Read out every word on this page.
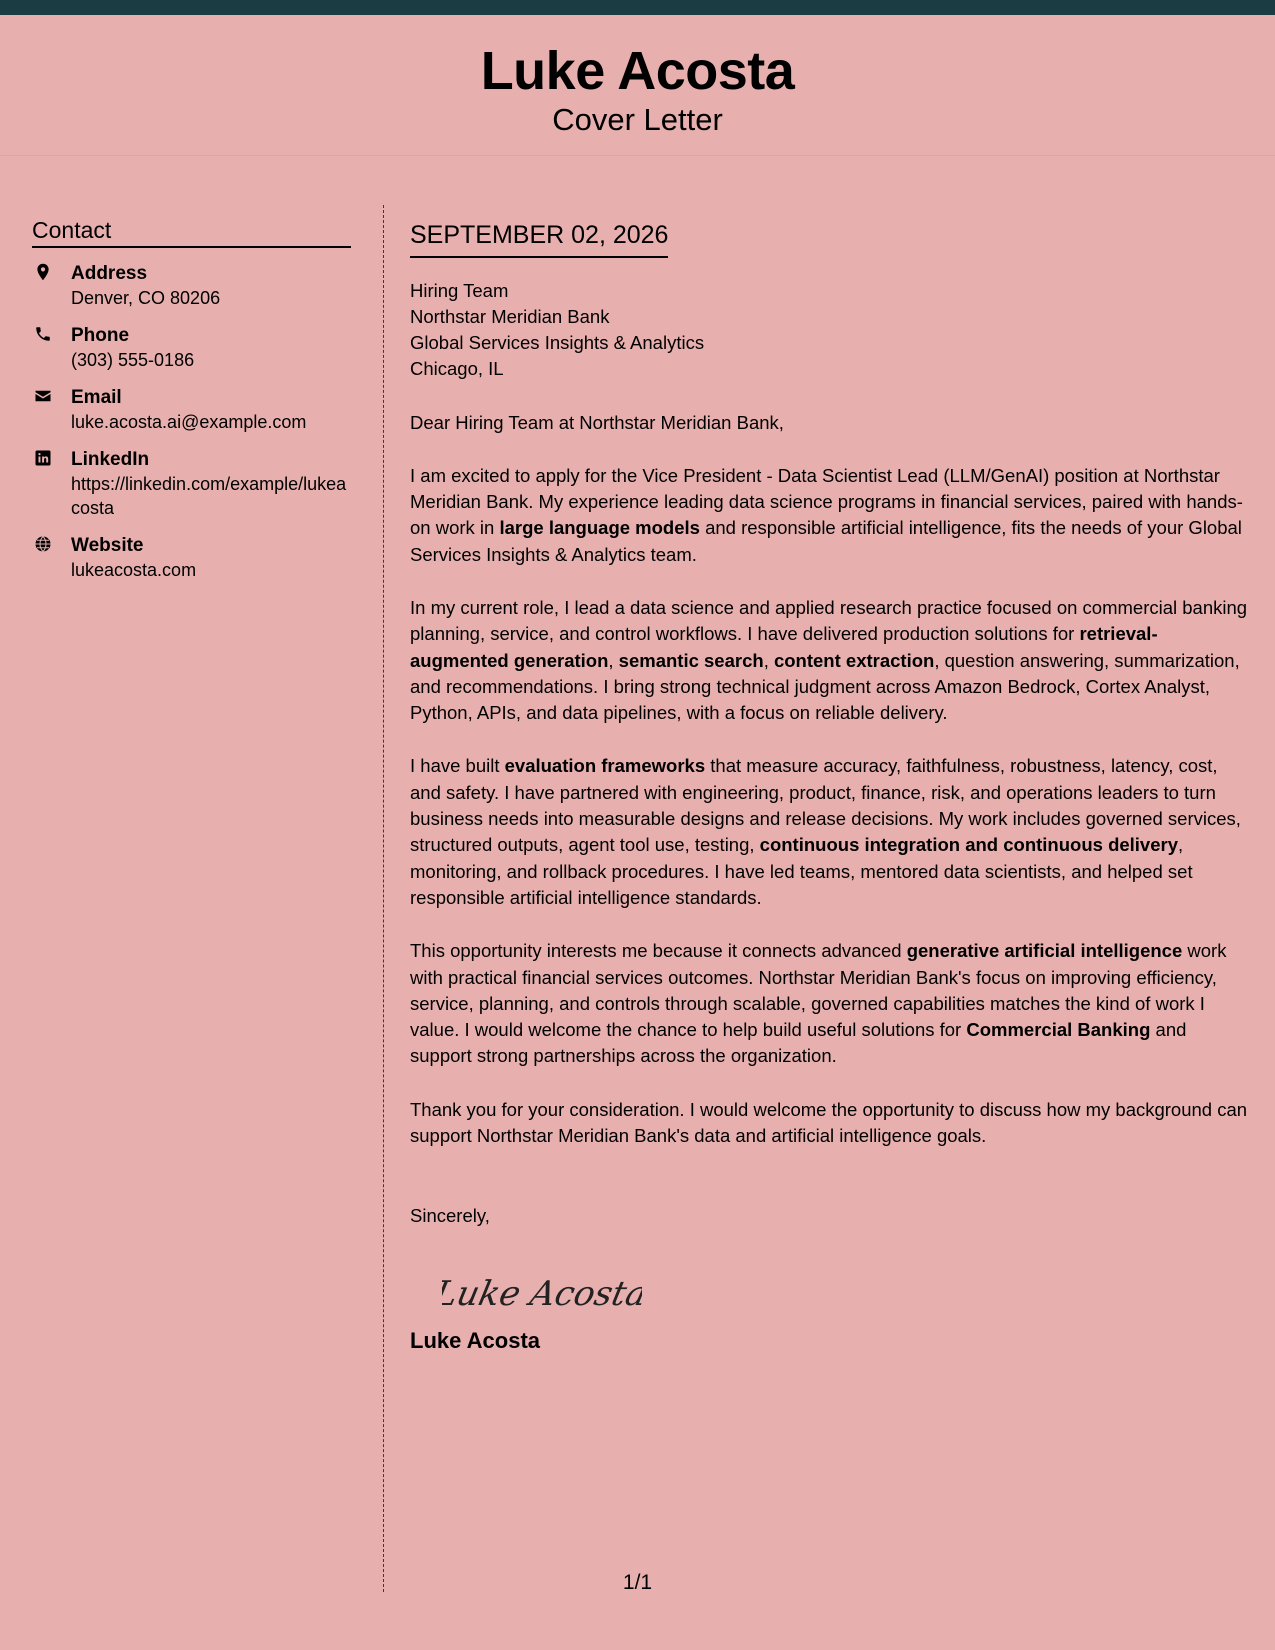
Luke Acosta
Cover Letter
Contact
Address
Denver, CO 80206
Phone
(303) 555-0186
Email
luke.acosta.ai@example.com
LinkedIn
https://linkedin.com/example/lukeacosta
Website
lukeacosta.com
SEPTEMBER 02, 2026
Hiring Team
Northstar Meridian Bank
Global Services Insights & Analytics
Chicago, IL
Dear Hiring Team at Northstar Meridian Bank,
I am excited to apply for the Vice President - Data Scientist Lead (LLM/GenAI) position at Northstar Meridian Bank. My experience leading data science programs in financial services, paired with hands-on work in large language models and responsible artificial intelligence, fits the needs of your Global Services Insights & Analytics team.
In my current role, I lead a data science and applied research practice focused on commercial banking planning, service, and control workflows. I have delivered production solutions for retrieval-augmented generation, semantic search, content extraction, question answering, summarization, and recommendations. I bring strong technical judgment across Amazon Bedrock, Cortex Analyst, Python, APIs, and data pipelines, with a focus on reliable delivery.
I have built evaluation frameworks that measure accuracy, faithfulness, robustness, latency, cost, and safety. I have partnered with engineering, product, finance, risk, and operations leaders to turn business needs into measurable designs and release decisions. My work includes governed services, structured outputs, agent tool use, testing, continuous integration and continuous delivery, monitoring, and rollback procedures. I have led teams, mentored data scientists, and helped set responsible artificial intelligence standards.
This opportunity interests me because it connects advanced generative artificial intelligence work with practical financial services outcomes. Northstar Meridian Bank's focus on improving efficiency, service, planning, and controls through scalable, governed capabilities matches the kind of work I value. I would welcome the chance to help build useful solutions for Commercial Banking and support strong partnerships across the organization.
Thank you for your consideration. I would welcome the opportunity to discuss how my background can support Northstar Meridian Bank's data and artificial intelligence goals.
Sincerely,
Luke Acosta
Luke Acosta
1/1
